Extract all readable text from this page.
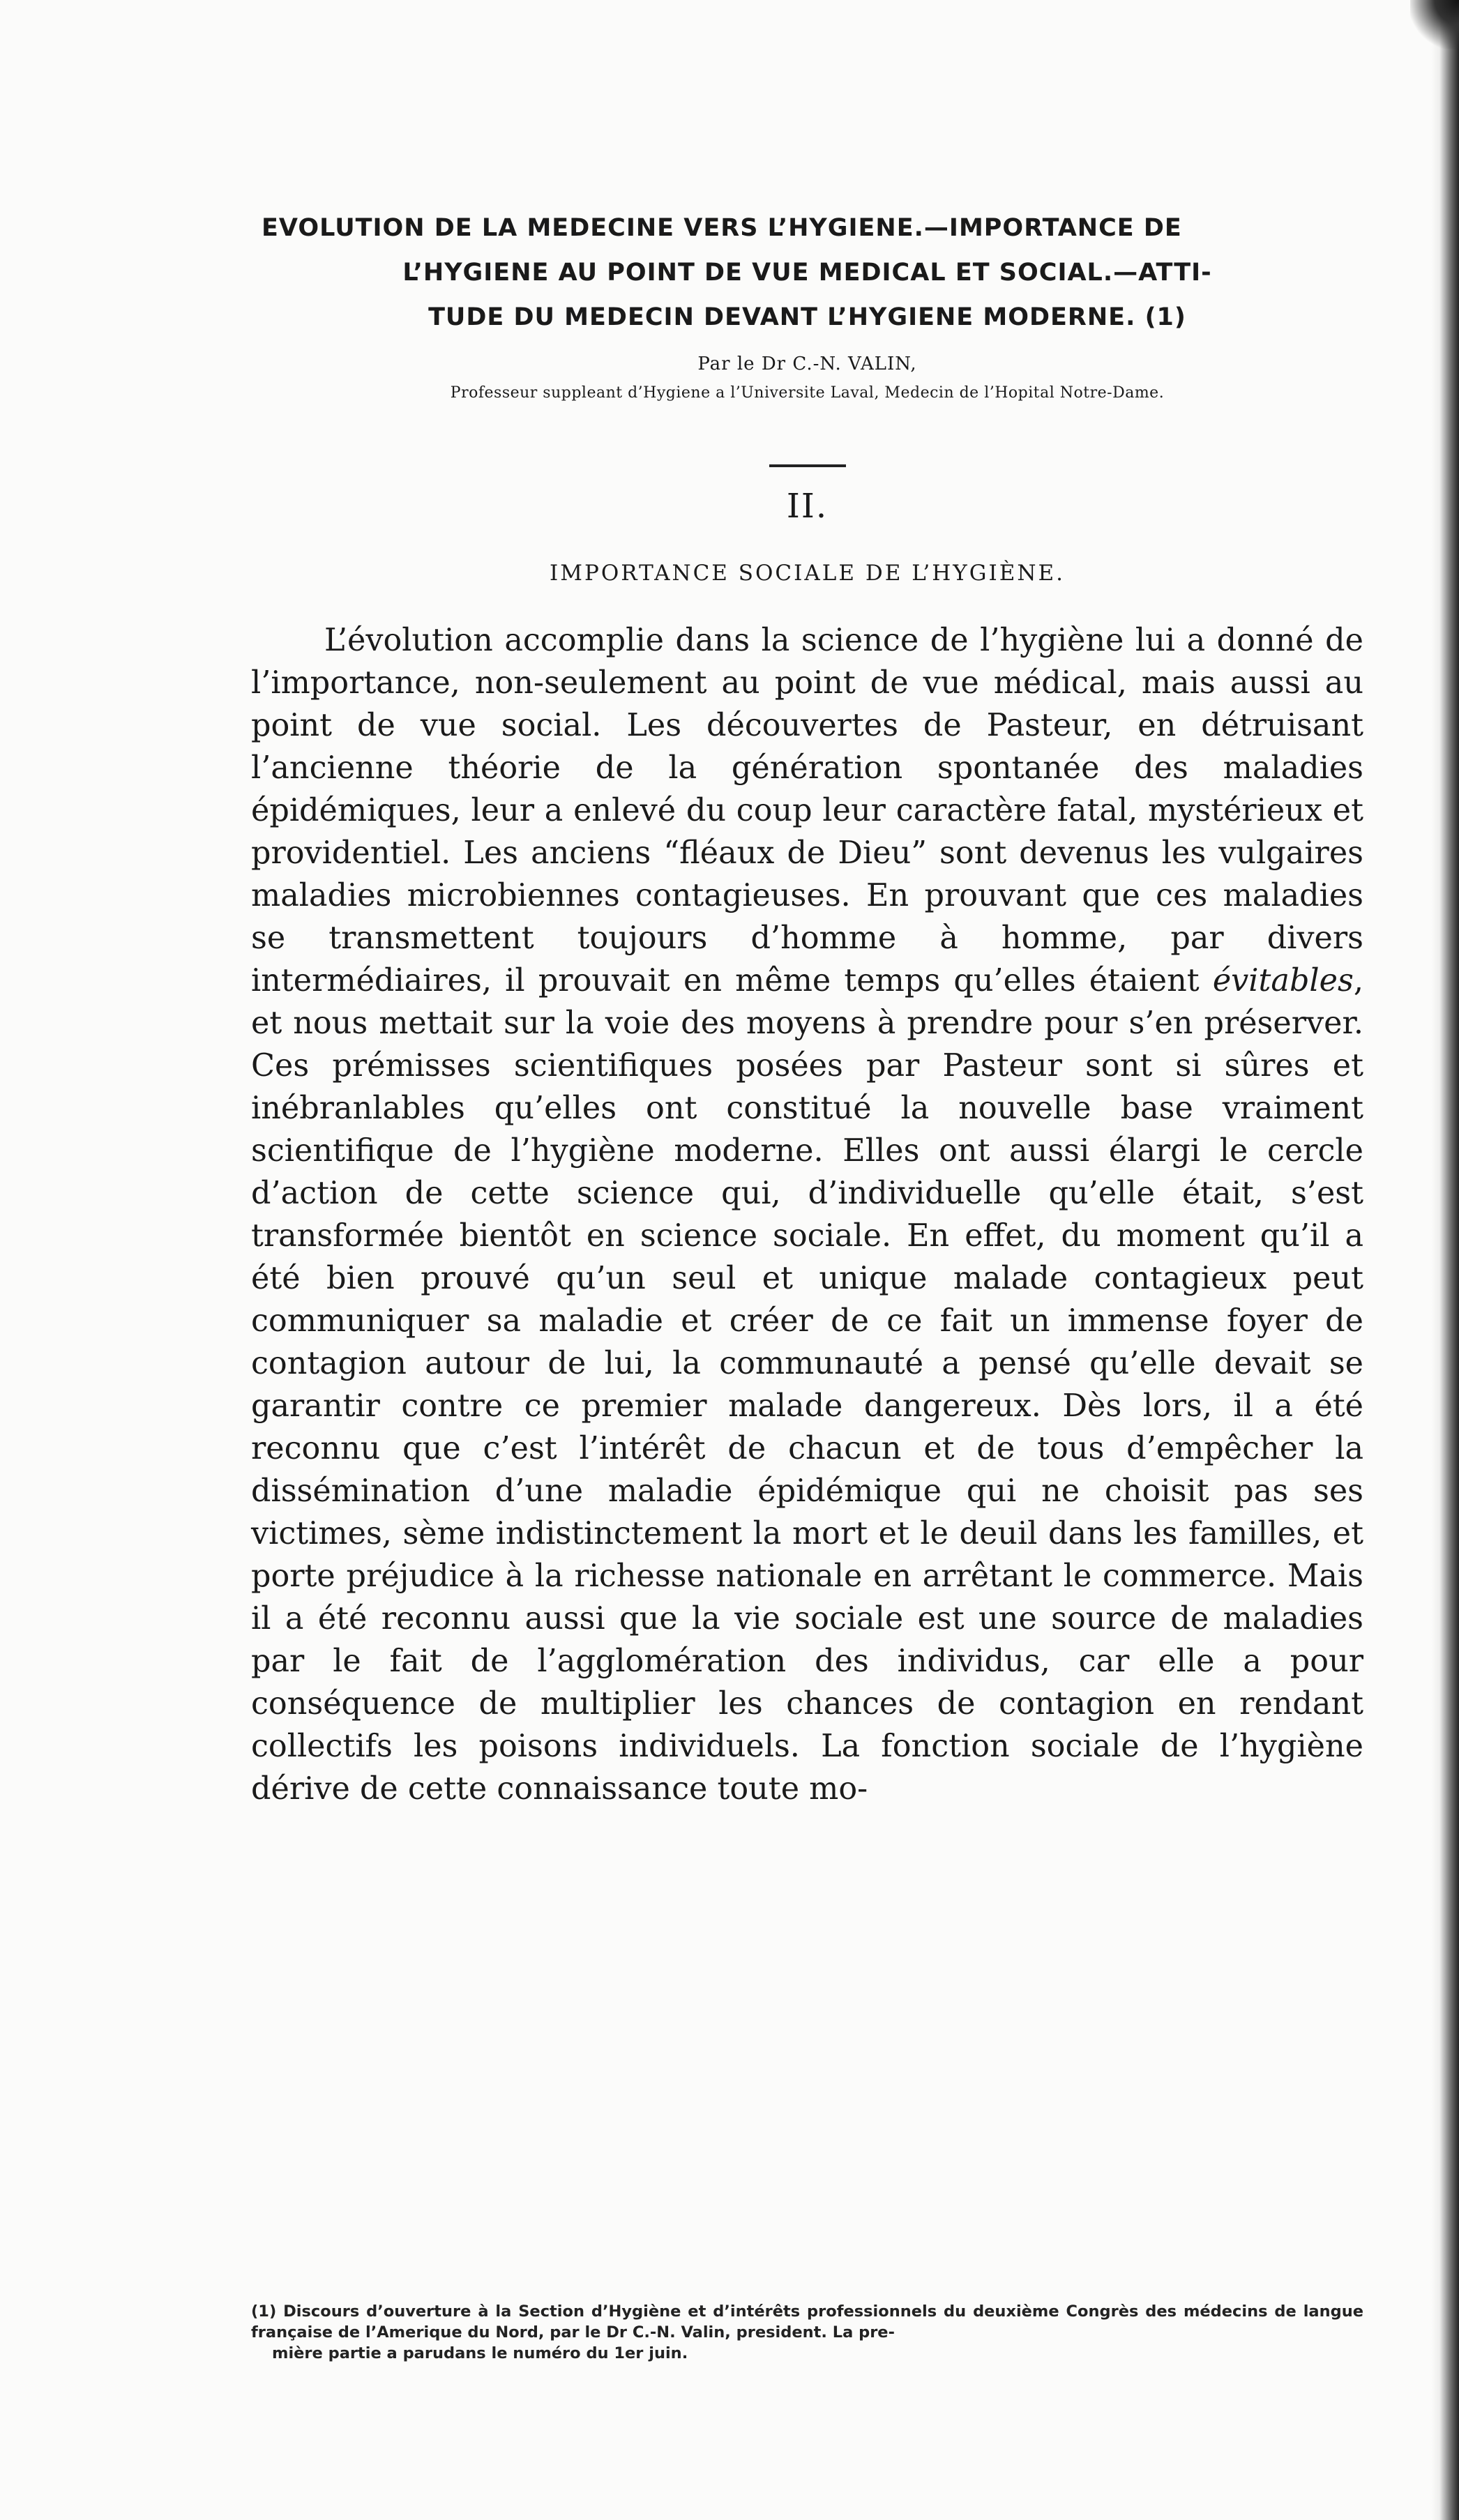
EVOLUTION DE LA MEDECINE VERS L’HYGIENE.—IMPORTANCE DE
L’HYGIENE AU POINT DE VUE MEDICAL ET SOCIAL.—ATTI-
TUDE DU MEDECIN DEVANT L’HYGIENE MODERNE. (1)
Par le Dr C.-N. VALIN,
Professeur suppleant d’Hygiene a l’Universite Laval, Medecin de l’Hopital Notre-Dame.
II.
IMPORTANCE SOCIALE DE L’HYGIÈNE.

L’évolution accomplie dans la science de l’hygiène lui a donné de l’importance, non-seulement au point de vue médical, mais aussi au point de vue social. Les découvertes de Pasteur, en détruisant l’ancienne théorie de la génération spontanée des maladies épidémiques, leur a enlevé du coup leur caractère fatal, mystérieux et providentiel. Les anciens “fléaux de Dieu” sont devenus les vulgaires maladies microbiennes contagieuses. En prouvant que ces maladies se transmettent toujours d’homme à homme, par divers intermédiaires, il prouvait en même temps qu’elles étaient évitables, et nous mettait sur la voie des moyens à prendre pour s’en préserver. Ces prémisses scientifiques posées par Pasteur sont si sûres et inébranlables qu’elles ont constitué la nouvelle base vraiment scientifique de l’hygiène moderne. Elles ont aussi élargi le cercle d’action de cette science qui, d’individuelle qu’elle était, s’est transformée bientôt en science sociale. En effet, du moment qu’il a été bien prouvé qu’un seul et unique malade contagieux peut communiquer sa maladie et créer de ce fait un immense foyer de contagion autour de lui, la communauté a pensé qu’elle devait se garantir contre ce premier malade dangereux. Dès lors, il a été reconnu que c’est l’intérêt de chacun et de tous d’empêcher la dissémination d’une maladie épidémique qui ne choisit pas ses victimes, sème indistinctement la mort et le deuil dans les familles, et porte préjudice à la richesse nationale en arrêtant le commerce. Mais il a été reconnu aussi que la vie sociale est une source de maladies par le fait de l’agglomération des individus, car elle a pour conséquence de multiplier les chances de contagion en rendant collectifs les poisons individuels. La fonction sociale de l’hygiène dérive de cette connaissance toute mo-

(1) Discours d’ouverture à la Section d’Hygiène et d’intérêts professionnels du deuxième Congrès des médecins de langue française de l’Amerique du Nord, par le Dr C.-N. Valin, president. La pre-
mière partie a parudans le numéro du 1er juin.
